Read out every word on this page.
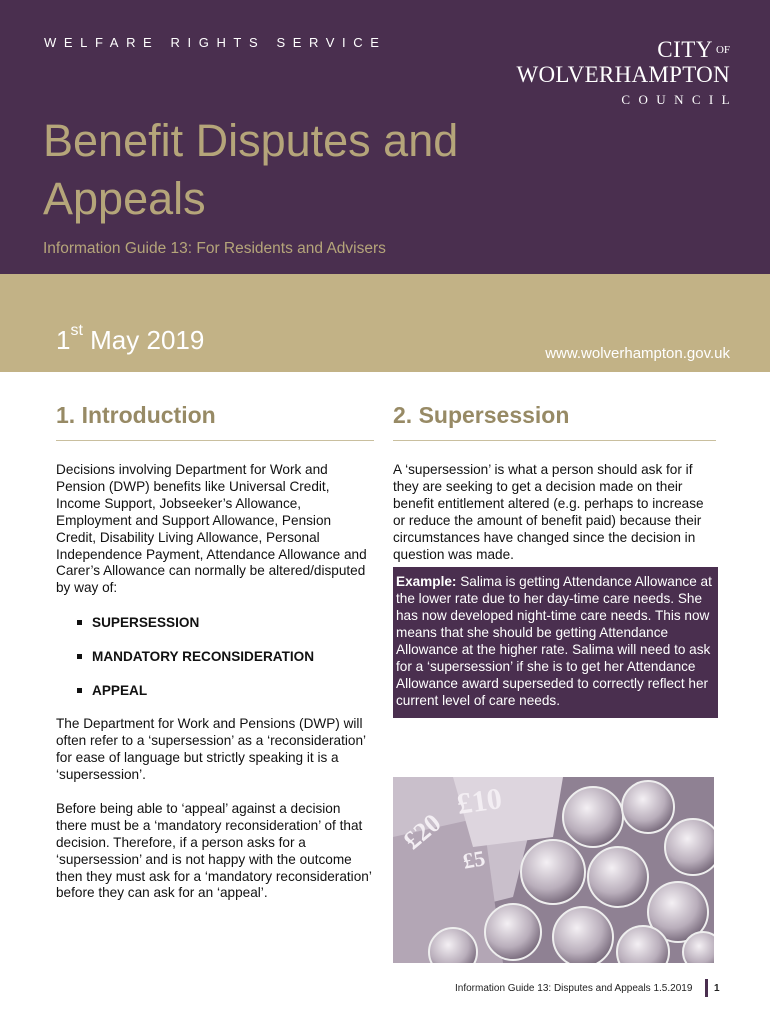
WELFARE RIGHTS SERVICE	CITY $^{OF}$
WOLVERHAMPTON
COUNCIL
Benefit Disputes and Appeals
Information Guide 13: For Residents and Advisers
1st May 2019	www.wolverhampton.gov.uk
1. Introduction

Decisions involving Department for Work and Pension (DWP) benefits like Universal Credit, Income Support, Jobseeker’s Allowance, Employment and Support Allowance, Pension Credit, Disability Living Allowance, Personal Independence Payment, Attendance Allowance and Carer’s Allowance can normally be altered/disputed by way of:

SUPERSESSION
MANDATORY RECONSIDERATION
APPEAL

The Department for Work and Pensions (DWP) will often refer to a ‘supersession’ as a ‘reconsideration’ for ease of language but strictly speaking it is a ‘supersession’.

Before being able to ‘appeal’ against a decision there must be a ‘mandatory reconsideration’ of that decision. Therefore, if a person asks for a ‘supersession’ and is not happy with the outcome then they must ask for a ‘mandatory reconsideration’ before they can ask for an ‘appeal’.

2. Supersession

A ‘supersession’ is what a person should ask for if they are seeking to get a decision made on their benefit entitlement altered (e.g. perhaps to increase or reduce the amount of benefit paid) because their circumstances have changed since the decision in question was made.

Example: Salima is getting Attendance Allowance at the lower rate due to her day-time care needs. She has now developed night-time care needs. This now means that she should be getting Attendance Allowance at the higher rate. Salima will need to ask for a ‘supersession’ if she is to get her Attendance Allowance award superseded to correctly reflect her current level of care needs.
£10
£20
£5
Information Guide 13: Disputes and Appeals 1.5.2019 1
